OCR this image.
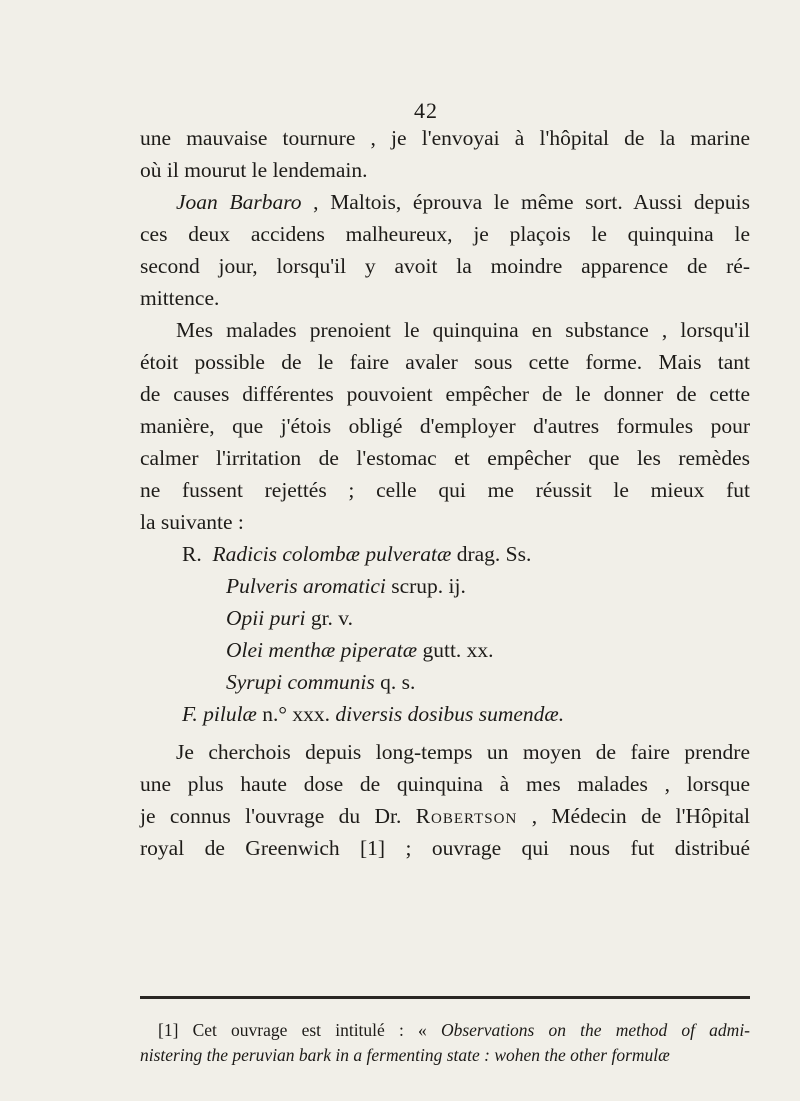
42
une mauvaise tournure , je l'envoyai à l'hôpital de la marine
où il mourut le lendemain.
Joan Barbaro , Maltois, éprouva le même sort. Aussi depuis
ces deux accidens malheureux, je plaçois le quinquina le
second jour, lorsqu'il y avoit la moindre apparence de ré-
mittence.
Mes malades prenoient le quinquina en substance , lorsqu'il
étoit possible de le faire avaler sous cette forme. Mais tant
de causes différentes pouvoient empêcher de le donner de cette
manière, que j'étois obligé d'employer d'autres formules pour
calmer l'irritation de l'estomac et empêcher que les remèdes
ne fussent rejettés ; celle qui me réussit le mieux fut
la suivante :
R. Radicis colombæ pulveratæ drag. Ss.
Pulveris aromatici scrup. ij.
Opii puri gr. v.
Olei menthæ piperatæ gutt. xx.
Syrupi communis q. s.
F. pilulæ n.° xxx. diversis dosibus sumendæ.
Je cherchois depuis long-temps un moyen de faire prendre
une plus haute dose de quinquina à mes malades , lorsque
je connus l'ouvrage du Dr. Robertson , Médecin de l'Hôpital
royal de Greenwich [1] ; ouvrage qui nous fut distribué
[1] Cet ouvrage est intitulé : « Observations on the method of admi-
nistering the peruvian bark in a fermenting state : wohen the other formulæ
